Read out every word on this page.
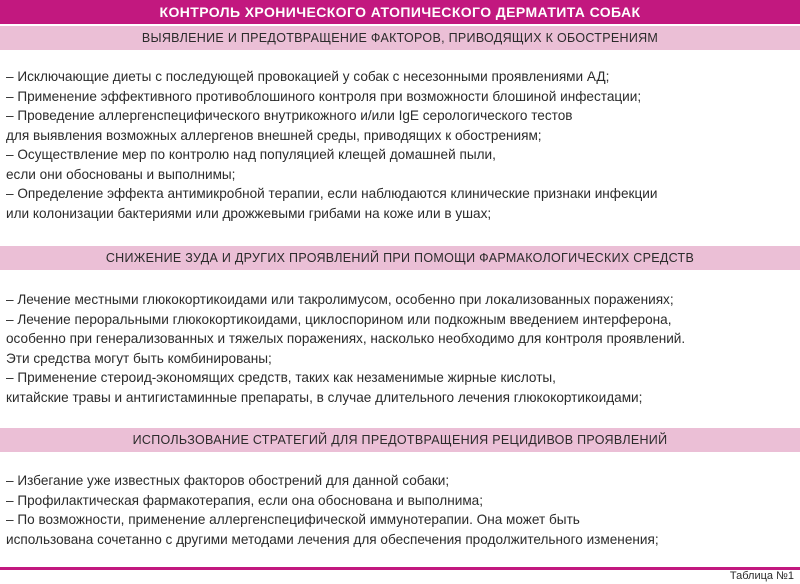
КОНТРОЛЬ ХРОНИЧЕСКОГО АТОПИЧЕСКОГО ДЕРМАТИТА СОБАК
ВЫЯВЛЕНИЕ И ПРЕДОТВРАЩЕНИЕ ФАКТОРОВ, ПРИВОДЯЩИХ К ОБОСТРЕНИЯМ
– Исключающие диеты с последующей провокацией у собак с несезонными проявлениями АД;
– Применение эффективного противоблошиного контроля при возможности блошиной инфестации;
– Проведение аллергенспецифического внутрикожного и/или IgE серологического тестов
для выявления возможных аллергенов внешней среды, приводящих к обострениям;
– Осуществление мер по контролю над популяцией клещей домашней пыли,
если они обоснованы и выполнимы;
– Определение эффекта антимикробной терапии, если наблюдаются клинические признаки инфекции
или колонизации бактериями или дрожжевыми грибами на коже или в ушах;
СНИЖЕНИЕ ЗУДА И ДРУГИХ ПРОЯВЛЕНИЙ ПРИ ПОМОЩИ ФАРМАКОЛОГИЧЕСКИХ СРЕДСТВ
– Лечение местными глюкокортикоидами или такролимусом, особенно при локализованных поражениях;
– Лечение пероральными глюкокортикоидами, циклоспорином или подкожным введением интерферона,
особенно при генерализованных и тяжелых поражениях, насколько необходимо для контроля проявлений.
Эти средства могут быть комбинированы;
– Применение стероид-экономящих средств, таких как незаменимые жирные кислоты,
китайские травы и антигистаминные препараты, в случае длительного лечения глюкокортикоидами;
ИСПОЛЬЗОВАНИЕ СТРАТЕГИЙ ДЛЯ ПРЕДОТВРАЩЕНИЯ РЕЦИДИВОВ ПРОЯВЛЕНИЙ
– Избегание уже известных факторов обострений для данной собаки;
– Профилактическая фармакотерапия, если она обоснована и выполнима;
– По возможности, применение аллергенспецифической иммунотерапии. Она может быть
использована сочетанно с другими методами лечения для обеспечения продолжительного изменения;
Таблица №1
